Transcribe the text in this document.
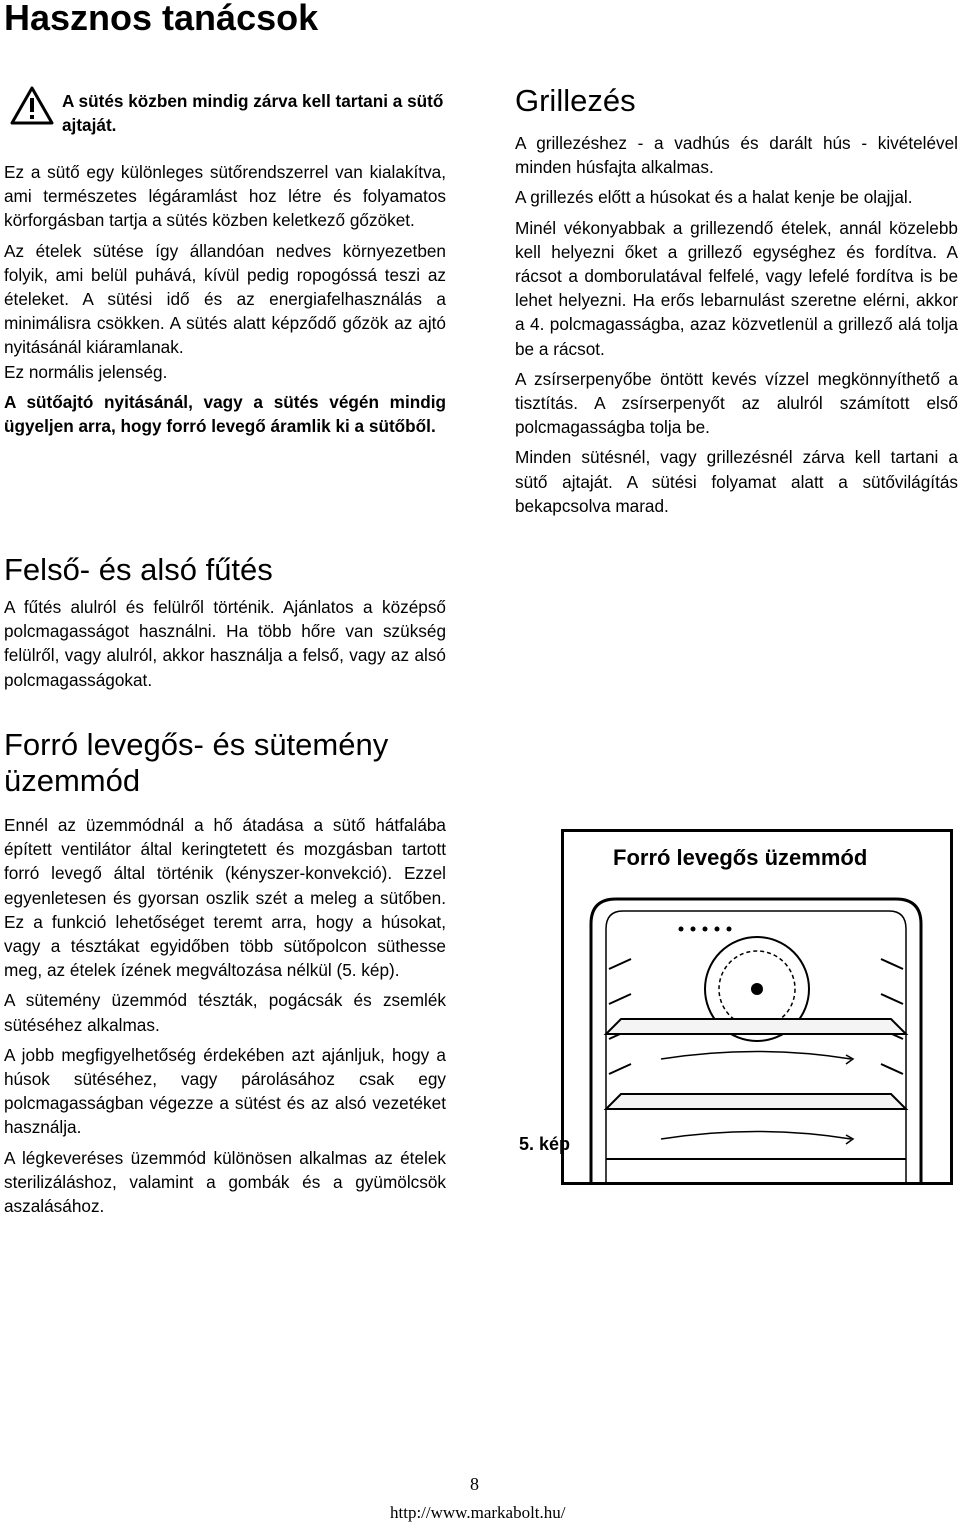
Hasznos tanácsok
A sütés közben mindig zárva kell tartani a sütő ajtaját.

Ez a sütő egy különleges sütőrendszerrel van kialakítva, ami természetes légáramlást hoz létre és folyamatos körforgásban tartja a sütés közben keletkező gőzöket.

Az ételek sütése így állandóan nedves környezetben folyik, ami belül puhává, kívül pedig ropogóssá teszi az ételeket. A sütési idő és az energiafelhasználás a minimálisra csökken. A sütés alatt képződő gőzök az ajtó nyitásánál kiáramlanak.

Ez normális jelenség.

A sütőajtó nyitásánál, vagy a sütés végén mindig ügyeljen arra, hogy forró levegő áramlik ki a sütőből.

Felső- és alsó fűtés

A fűtés alulról és felülről történik. Ajánlatos a középső polcmagasságot használni. Ha több hőre van szükség felülről, vagy alulról, akkor használja a felső, vagy az alsó polcmagasságokat.

Forró levegős- és sütemény üzemmód

Ennél az üzemmódnál a hő átadása a sütő hátfalába épített ventilátor által keringtetett és mozgásban tartott forró levegő által történik (kényszer-konvekció). Ezzel egyenletesen és gyorsan oszlik szét a meleg a sütőben. Ez a funkció lehetőséget teremt arra, hogy a húsokat, vagy a tésztákat egyidőben több sütőpolcon süthesse meg, az ételek ízének megváltozása nélkül (5. kép).

A sütemény üzemmód tészták, pogácsák és zsemlék sütéséhez alkalmas.

A jobb megfigyelhetőség érdekében azt ajánljuk, hogy a húsok sütéséhez, vagy párolásához csak egy polcmagasságban végezze a sütést és az alsó vezetéket használja.

A légkeveréses üzemmód különösen alkalmas az ételek sterilizáláshoz, valamint a gombák és a gyümölcsök aszalásához.

Grillezés

A grillezéshez - a vadhús és darált hús - kivételével minden húsfajta alkalmas.

A grillezés előtt a húsokat és a halat kenje be olajjal.

Minél vékonyabbak a grillezendő ételek, annál közelebb kell helyezni őket a grillező egységhez és fordítva. A rácsot a domborulatával felfelé, vagy lefelé fordítva is be lehet helyezni. Ha erős lebarnulást szeretne elérni, akkor a 4. polcmagasságba, azaz közvetlenül a grillező alá tolja be a rácsot.

A zsírserpenyőbe öntött kevés vízzel megkönnyíthető a tisztítás. A zsírserpenyőt az alulról számított első polcmagasságba tolja be.

Minden sütésnél, vagy grillezésnél zárva kell tartani a sütő ajtaját. A sütési folyamat alatt a sütővilágítás bekapcsolva marad.

Forró levegős üzemmód
5. kép
8
http://www.markabolt.hu/
